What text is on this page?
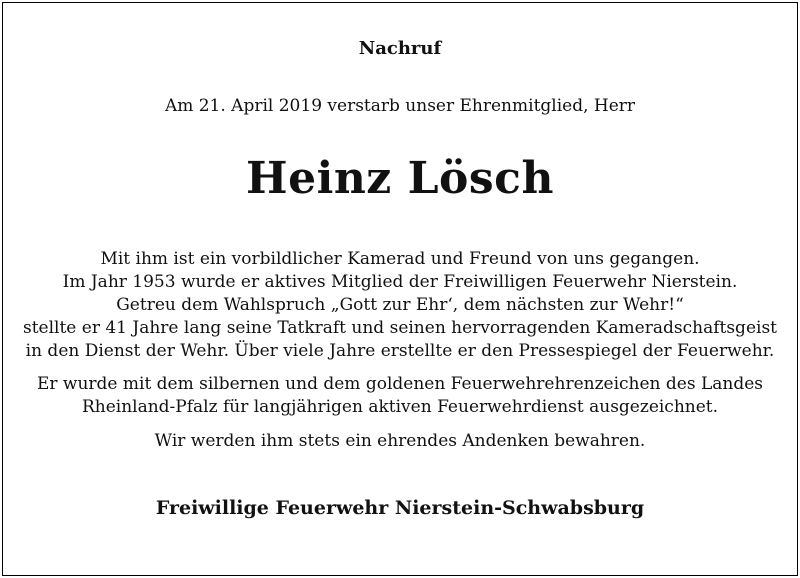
Nachruf
Am 21. April 2019 verstarb unser Ehrenmitglied, Herr
Heinz Lösch
Mit ihm ist ein vorbildlicher Kamerad und Freund von uns gegangen.
Im Jahr 1953 wurde er aktives Mitglied der Freiwilligen Feuerwehr Nierstein.
Getreu dem Wahlspruch „Gott zur Ehr‘, dem nächsten zur Wehr!“
stellte er 41 Jahre lang seine Tatkraft und seinen hervorragenden Kameradschaftsgeist
in den Dienst der Wehr. Über viele Jahre erstellte er den Pressespiegel der Feuerwehr.
Er wurde mit dem silbernen und dem goldenen Feuerwehrehrenzeichen des Landes
Rheinland-Pfalz für langjährigen aktiven Feuerwehrdienst ausgezeichnet.
Wir werden ihm stets ein ehrendes Andenken bewahren.
Freiwillige Feuerwehr Nierstein-Schwabsburg
